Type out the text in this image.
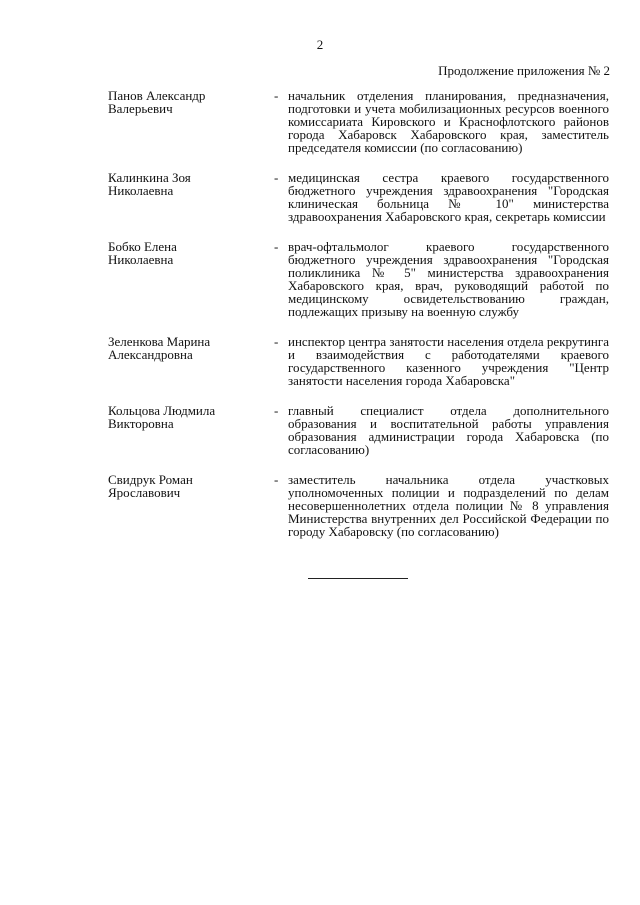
2
Продолжение приложения № 2
Панов Александр
Валерьевич
- начальник отделения планирования, предназначения, подготовки и учета мобилизационных ресурсов военного комиссариата Кировского и Краснофлотского районов города Хабаровск Хабаровского края, заместитель председателя комиссии (по согласованию)
Калинкина Зоя
Николаевна
- медицинская сестра краевого государственного бюджетного учреждения здравоохранения "Городская клиническая больница № 10" министерства здравоохранения Хабаровского края, секретарь комиссии
Бобко Елена
Николаевна
- врач-офтальмолог краевого государственного бюджетного учреждения здравоохранения "Городская поликлиника № 5" министерства здравоохранения Хабаровского края, врач, руководящий работой по медицинскому освидетельствованию граждан, подлежащих призыву на военную службу
Зеленкова Марина
Александровна
- инспектор центра занятости населения отдела рекрутинга и взаимодействия с работодателями краевого государственного казенного учреждения "Центр занятости населения города Хабаровска"
Кольцова Людмила
Викторовна
- главный специалист отдела дополнительного образования и воспитательной работы управления образования администрации города Хабаровска (по согласованию)
Свидрук Роман
Ярославович
- заместитель начальника отдела участковых уполномоченных полиции и подразделений по делам несовершеннолетних отдела полиции № 8 управления Министерства внутренних дел Российской Федерации по городу Хабаровску (по согласованию)
